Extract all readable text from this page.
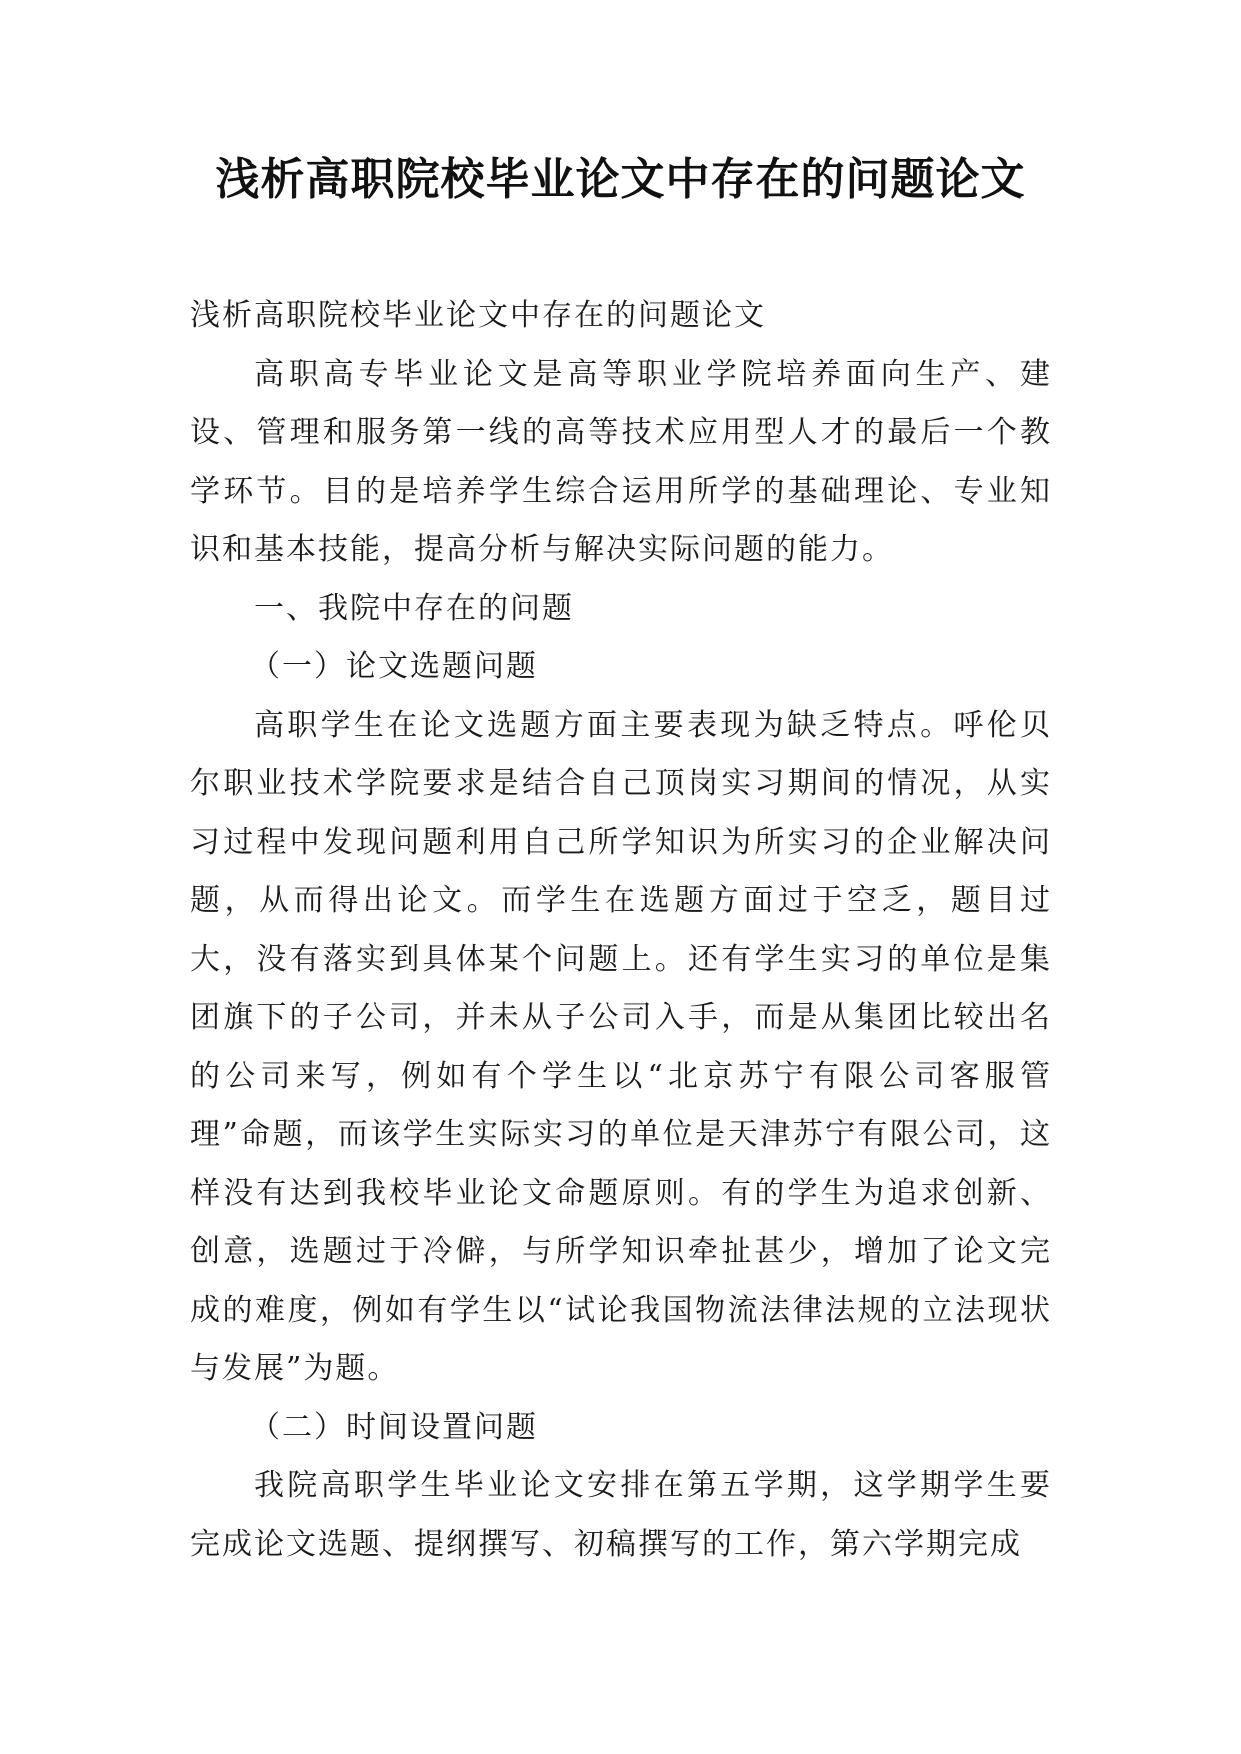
浅析高职院校毕业论文中存在的问题论文

浅析高职院校毕业论文中存在的问题论文

高职高专毕业论文是高等职业学院培养面向生产、建设、管理和服务第一线的高等技术应用型人才的最后一个教学环节。目的是培养学生综合运用所学的基础理论、专业知识和基本技能，提高分析与解决实际问题的能力。

一、我院中存在的问题

（一）论文选题问题

高职学生在论文选题方面主要表现为缺乏特点。呼伦贝尔职业技术学院要求是结合自己顶岗实习期间的情况，从实习过程中发现问题利用自己所学知识为所实习的企业解决问题，从而得出论文。而学生在选题方面过于空乏，题目过大，没有落实到具体某个问题上。还有学生实习的单位是集团旗下的子公司，并未从子公司入手，而是从集团比较出名的公司来写，例如有个学生以“北京苏宁有限公司客服管理”命题，而该学生实际实习的单位是天津苏宁有限公司，这样没有达到我校毕业论文命题原则。有的学生为追求创新、创意，选题过于冷僻，与所学知识牵扯甚少，增加了论文完成的难度，例如有学生以“试论我国物流法律法规的立法现状与发展”为题。

（二）时间设置问题

我院高职学生毕业论文安排在第五学期，这学期学生要完成论文选题、提纲撰写、初稿撰写的工作，第六学期完成
